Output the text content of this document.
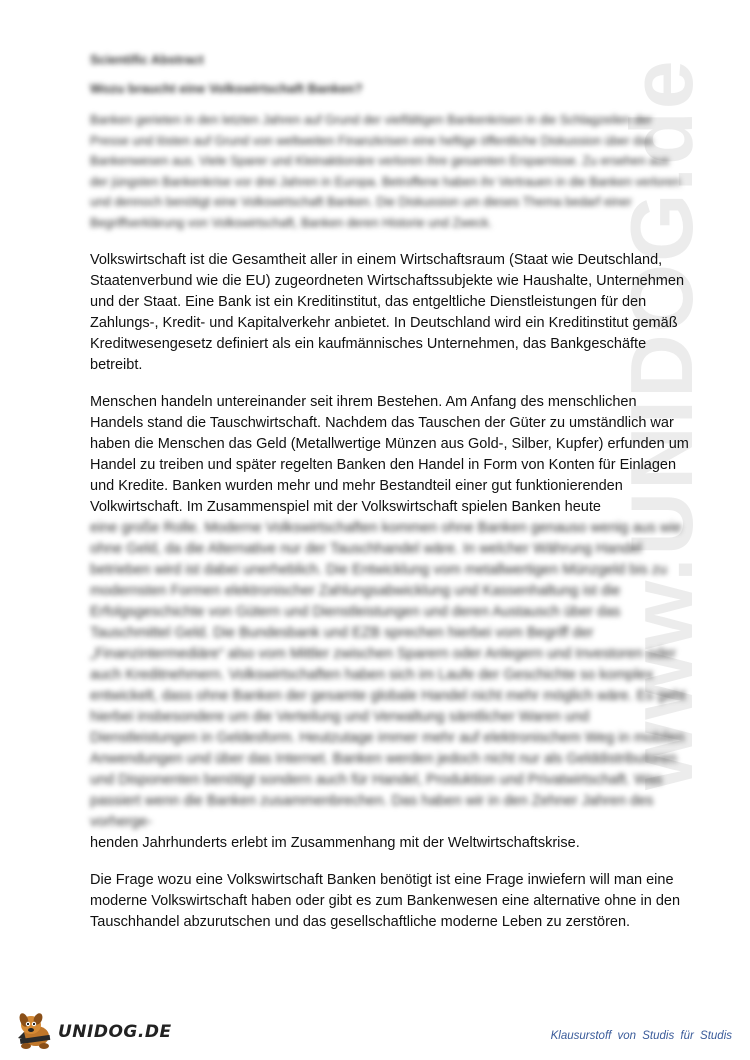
www.UNIDOG.de

Scientific Abstract

Wozu braucht eine Volkswirtschaft Banken?

Banken gerieten in den letzten Jahren auf Grund der vielfältigen Bankenkrisen in die Schlagzeilen der Presse und lösten auf Grund von weltweiten Finanzkrisen eine heftige öffentliche Diskussion über das Bankenwesen aus. Viele Sparer und Kleinaktionäre verloren ihre gesamten Ersparnisse. Zu ersehen aus der jüngsten Bankenkrise vor drei Jahren in Europa. Betroffene haben ihr Vertrauen in die Banken verloren und dennoch benötigt eine Volkswirtschaft Banken. Die Diskussion um dieses Thema bedarf einer Begriffserklärung von Volkswirtschaft, Banken deren Historie und Zweck.

Volkswirtschaft ist die Gesamtheit aller in einem Wirtschaftsraum (Staat wie Deutschland, Staatenverbund wie die EU) zugeordneten Wirtschaftssubjekte wie Haushalte, Unternehmen und der Staat. Eine Bank ist ein Kreditinstitut, das entgeltliche Dienstleistungen für den Zahlungs-, Kredit- und Kapitalverkehr anbietet. In Deutschland wird ein Kreditinstitut gemäß Kreditwesengesetz definiert als ein kaufmännisches Unternehmen, das Bankgeschäfte betreibt.

Menschen handeln untereinander seit ihrem Bestehen. Am Anfang des menschlichen Handels stand die Tauschwirtschaft. Nachdem das Tauschen der Güter zu umständlich war haben die Menschen das Geld (Metallwertige Münzen aus Gold-, Silber, Kupfer) erfunden um Handel zu treiben und später regelten Banken den Handel in Form von Konten für Einlagen und Kredite. Banken wurden mehr und mehr Bestandteil einer gut funktionierenden Volkwirtschaft. Im Zusammenspiel mit der Volkswirtschaft spielen Banken heute
eine große Rolle. Moderne Volkswirtschaften kommen ohne Banken genauso wenig aus wie ohne Geld, da die Alternative nur der Tauschhandel wäre. In welcher Währung Handel betrieben wird ist dabei unerheblich. Die Entwicklung vom metallwertigen Münzgeld bis zu modernsten Formen elektronischer Zahlungsabwicklung und Kassenhaltung ist die Erfolgsgeschichte von Gütern und Dienstleistungen und deren Austausch über das Tauschmittel Geld. Die Bundesbank und EZB sprechen hierbei vom Begriff der „Finanzintermediäre“ also vom Mittler zwischen Sparern oder Anlegern und Investoren oder auch Kreditnehmern. Volkswirtschaften haben sich im Laufe der Geschichte so komplex entwickelt, dass ohne Banken der gesamte globale Handel nicht mehr möglich wäre. Es geht hierbei insbesondere um die Verteilung und Verwaltung sämtlicher Waren und Dienstleistungen in Geldesform. Heutzutage immer mehr auf elektronischem Weg in mobilen Anwendungen und über das Internet. Banken werden jedoch nicht nur als Gelddistributoren und Disponenten benötigt sondern auch für Handel, Produktion und Privatwirtschaft. Was passiert wenn die Banken zusammenbrechen. Das haben wir in den Zehner Jahren des vorherge-
henden Jahrhunderts erlebt im Zusammenhang mit der Weltwirtschaftskrise.

Die Frage wozu eine Volkswirtschaft Banken benötigt ist eine Frage inwiefern will man eine moderne Volkswirtschaft haben oder gibt es zum Bankenwesen eine alternative ohne in den Tauschhandel abzurutschen und das gesellschaftliche moderne Leben zu zerstören.

UNIDOG.DE	Klausurstoff von Studis für Studis
